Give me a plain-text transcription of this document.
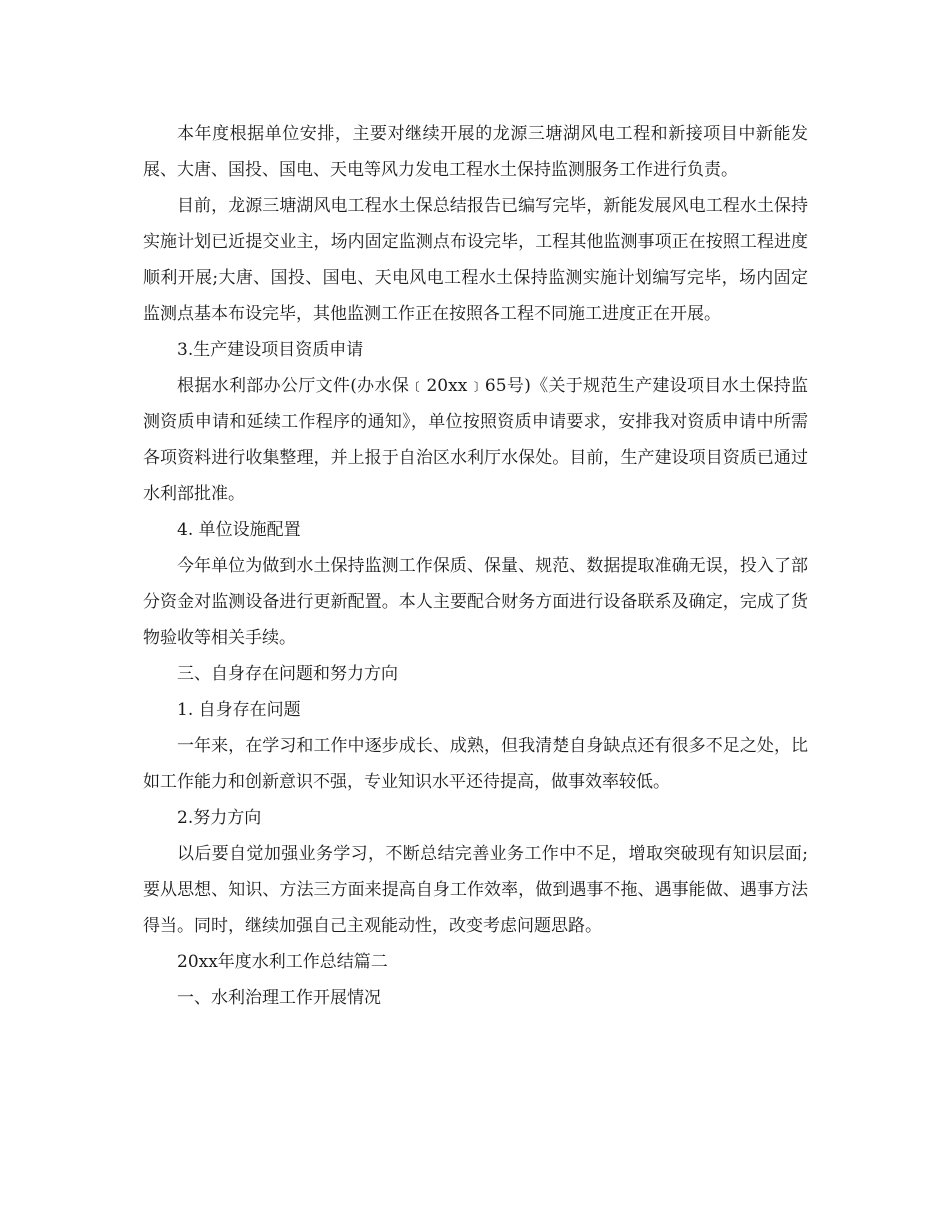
本年度根据单位安排，主要对继续开展的龙源三塘湖风电工程和新接项目中新能发展、大唐、国投、国电、天电等风力发电工程水土保持监测服务工作进行负责。

目前，龙源三塘湖风电工程水土保总结报告已编写完毕，新能发展风电工程水土保持实施计划已近提交业主，场内固定监测点布设完毕，工程其他监测事项正在按照工程进度顺利开展;大唐、国投、国电、天电风电工程水土保持监测实施计划编写完毕，场内固定监测点基本布设完毕，其他监测工作正在按照各工程不同施工进度正在开展。

3.生产建设项目资质申请

根据水利部办公厅文件(办水保﹝20xx﹞65号)《关于规范生产建设项目水土保持监测资质申请和延续工作程序的通知》，单位按照资质申请要求，安排我对资质申请中所需各项资料进行收集整理，并上报于自治区水利厅水保处。目前，生产建设项目资质已通过水利部批准。

4. 单位设施配置

今年单位为做到水土保持监测工作保质、保量、规范、数据提取准确无误，投入了部分资金对监测设备进行更新配置。本人主要配合财务方面进行设备联系及确定，完成了货物验收等相关手续。

三、自身存在问题和努力方向

1. 自身存在问题

一年来，在学习和工作中逐步成长、成熟，但我清楚自身缺点还有很多不足之处，比如工作能力和创新意识不强，专业知识水平还待提高，做事效率较低。

2.努力方向

以后要自觉加强业务学习，不断总结完善业务工作中不足，增取突破现有知识层面;要从思想、知识、方法三方面来提高自身工作效率，做到遇事不拖、遇事能做、遇事方法得当。同时，继续加强自己主观能动性，改变考虑问题思路。

20xx年度水利工作总结篇二

一、水利治理工作开展情况
